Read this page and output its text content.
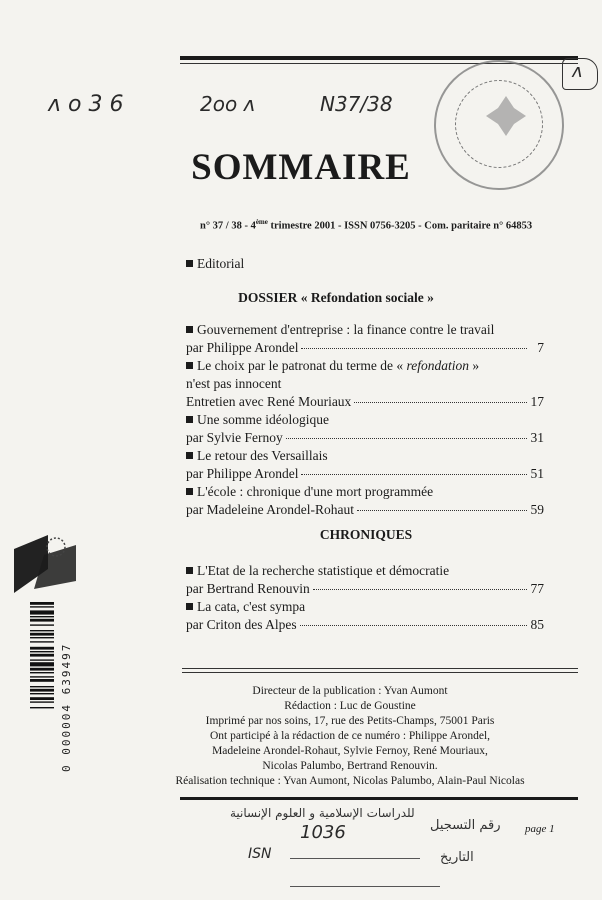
ʌ o 3 6	2oo ʌ	N37/38
ʌ
SOMMAIRE
n° 37 / 38 - 4ème trimestre 2001 - ISSN 0756-3205 - Com. paritaire n° 64853
Editorial
DOSSIER « Refondation sociale »
Gouvernement d'entreprise : la finance contre le travail
par Philippe Arondel	7
Le choix par le patronat du terme de « refondation »
n'est pas innocent
Entretien avec René Mouriaux	17
Une somme idéologique
par Sylvie Fernoy	31
Le retour des Versaillais
par Philippe Arondel	51
L'école : chronique d'une mort programmée
par Madeleine Arondel-Rohaut	59
CHRONIQUES
L'Etat de la recherche statistique et démocratie
par Bertrand Renouvin	77
La cata, c'est sympa
par Criton des Alpes	85
Directeur de la publication : Yvan Aumont
Rédaction : Luc de Goustine
Imprimé par nos soins, 17, rue des Petits-Champs, 75001 Paris
Ont participé à la rédaction de ce numéro : Philippe Arondel,
Madeleine Arondel-Rohaut, Sylvie Fernoy, René Mouriaux,
Nicolas Palumbo, Bertrand Renouvin.
Réalisation technique : Yvan Aumont, Nicolas Palumbo, Alain-Paul Nicolas
للدراسات الإسلامية و العلوم الإنسانية
رقم التسجيل
1036
التاريخ
ISN
page 1
0 000004 639497
